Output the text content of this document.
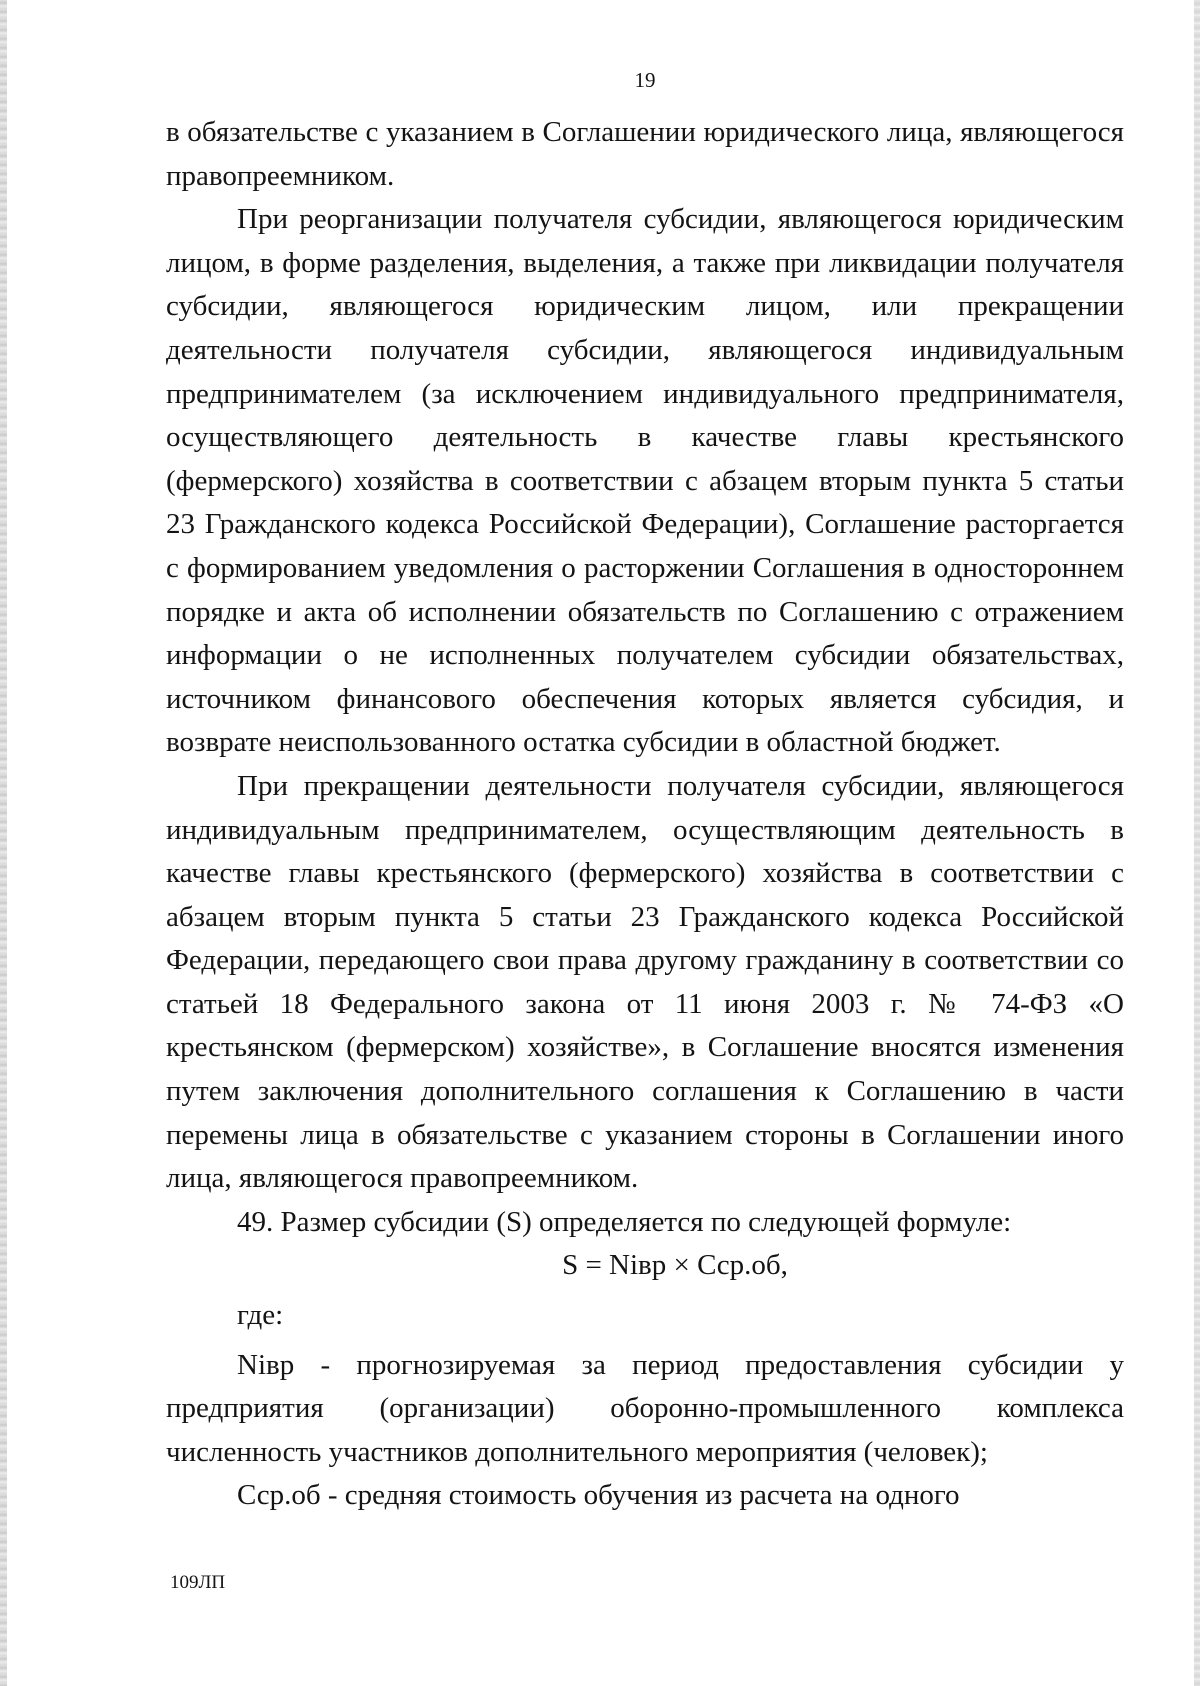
19

в обязательстве с указанием в Соглашении юридического лица, являющегося правопреемником.

При реорганизации получателя субсидии, являющегося юридическим лицом, в форме разделения, выделения, а также при ликвидации получателя субсидии, являющегося юридическим лицом, или прекращении деятельности получателя субсидии, являющегося индивидуальным предпринимателем (за исключением индивидуального предпринимателя, осуществляющего деятельность в качестве главы крестьянского (фермерского) хозяйства в соответствии с абзацем вторым пункта 5 статьи 23 Гражданского кодекса Российской Федерации), Соглашение расторгается с формированием уведомления о расторжении Соглашения в одностороннем порядке и акта об исполнении обязательств по Соглашению с отражением информации о не исполненных получателем субсидии обязательствах, источником финансового обеспечения которых является субсидия, и возврате неиспользованного остатка субсидии в областной бюджет.

При прекращении деятельности получателя субсидии, являющегося индивидуальным предпринимателем, осуществляющим деятельность в качестве главы крестьянского (фермерского) хозяйства в соответствии с абзацем вторым пункта 5 статьи 23 Гражданского кодекса Российской Федерации, передающего свои права другому гражданину в соответствии со статьей 18 Федерального закона от 11 июня 2003 г. № 74-ФЗ «О крестьянском (фермерском) хозяйстве», в Соглашение вносятся изменения путем заключения дополнительного соглашения к Соглашению в части перемены лица в обязательстве с указанием стороны в Соглашении иного лица, являющегося правопреемником.

49. Размер субсидии (S) определяется по следующей формуле:

S = Nівр × Сср.об,

где:

Nівр - прогнозируемая за период предоставления субсидии у предприятия (организации) оборонно-промышленного комплекса численность участников дополнительного мероприятия (человек);

Сср.об - средняя стоимость обучения из расчета на одного

109ЛП
